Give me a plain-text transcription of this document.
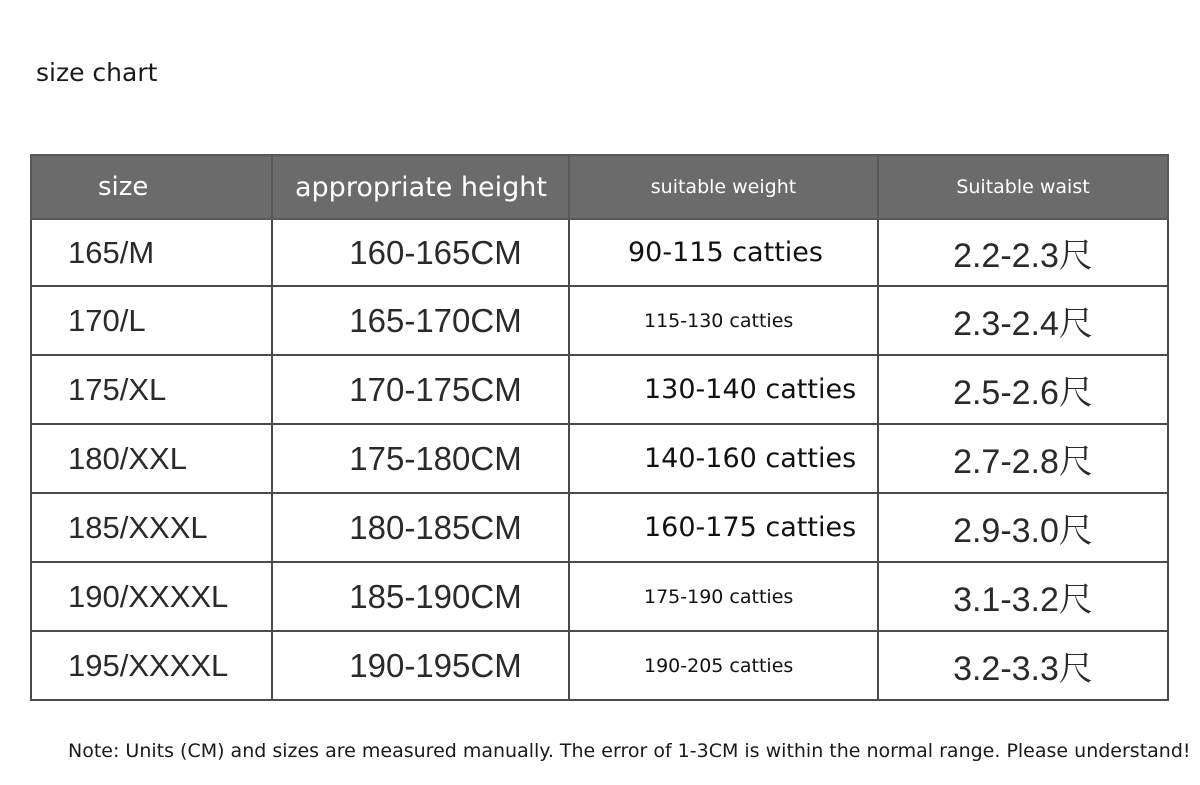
size chart
size	appropriate height	suitable weight	Suitable waist
165/M	160-165CM	90-115 catties	2.2-2.3尺
170/L	165-170CM	115-130 catties	2.3-2.4尺
175/XL	170-175CM	130-140 catties	2.5-2.6尺
180/XXL	175-180CM	140-160 catties	2.7-2.8尺
185/XXXL	180-185CM	160-175 catties	2.9-3.0尺
190/XXXXL	185-190CM	175-190 catties	3.1-3.2尺
195/XXXXL	190-195CM	190-205 catties	3.2-3.3尺
Note: Units (CM) and sizes are measured manually. The error of 1-3CM is within the normal range. Please understand!
